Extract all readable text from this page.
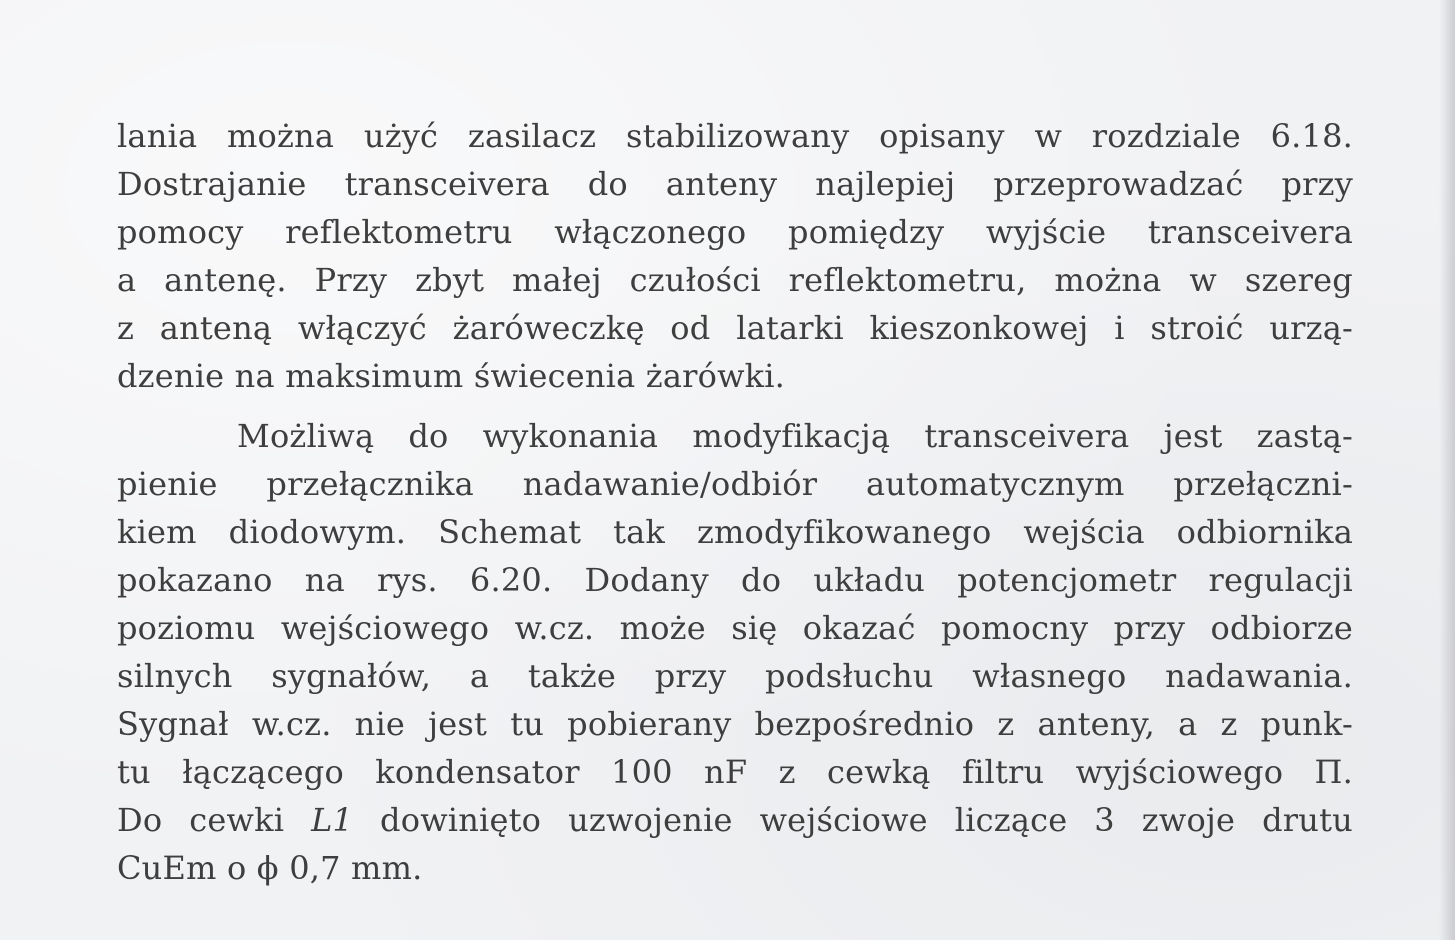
lania można użyć zasilacz stabilizowany opisany w rozdziale 6.18.
Dostrajanie transceivera do anteny najlepiej przeprowadzać przy
pomocy reflektometru włączonego pomiędzy wyjście transceivera
a antenę. Przy zbyt małej czułości reflektometru, można w szereg
z anteną włączyć żaróweczkę od latarki kieszonkowej i stroić urzą-
dzenie na maksimum świecenia żarówki.
Możliwą do wykonania modyfikacją transceivera jest zastą-
pienie przełącznika nadawanie/odbiór automatycznym przełączni-
kiem diodowym. Schemat tak zmodyfikowanego wejścia odbiornika
pokazano na rys. 6.20. Dodany do układu potencjometr regulacji
poziomu wejściowego w.cz. może się okazać pomocny przy odbiorze
silnych sygnałów, a także przy podsłuchu własnego nadawania.
Sygnał w.cz. nie jest tu pobierany bezpośrednio z anteny, a z punk-
tu łączącego kondensator 100 nF z cewką filtru wyjściowego Π.
Do cewki L1 dowinięto uzwojenie wejściowe liczące 3 zwoje drutu
CuEm o ϕ 0,7 mm.
